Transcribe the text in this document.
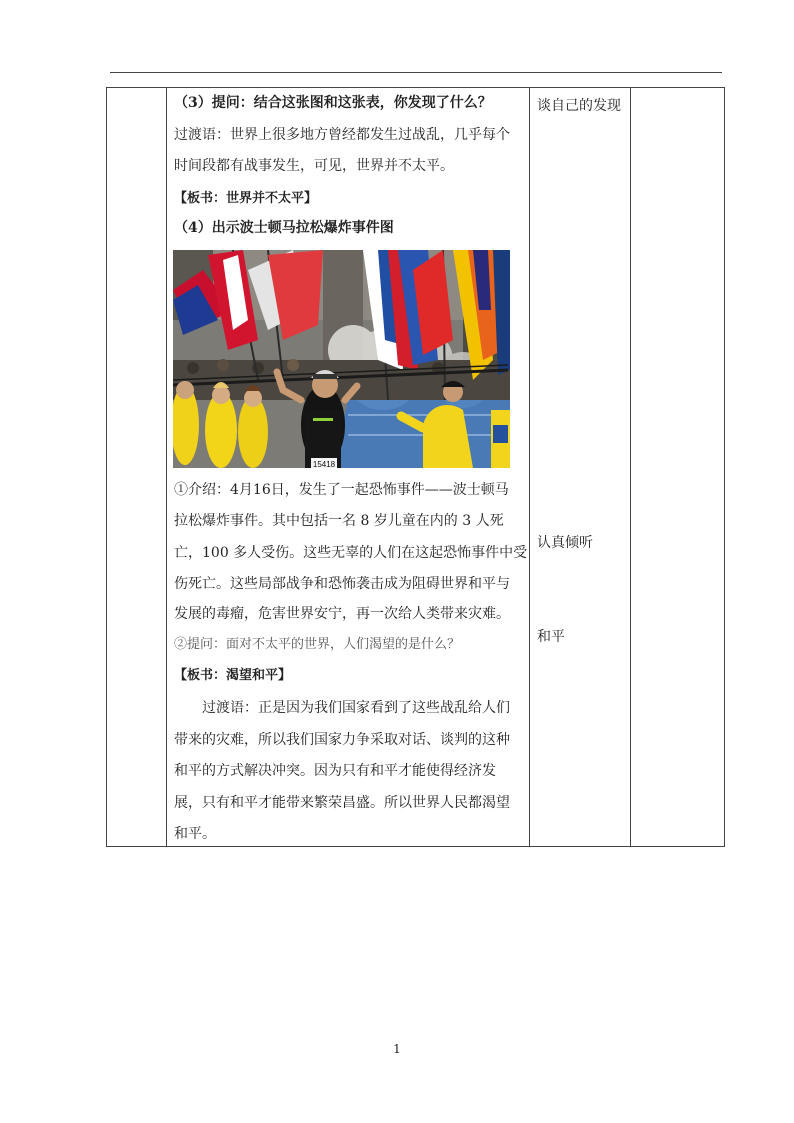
（3）提问：结合这张图和这张表，你发现了什么？
过渡语：世界上很多地方曾经都发生过战乱，几乎每个
时间段都有战事发生，可见，世界并不太平。
【板书：世界并不太平】
（4）出示波士顿马拉松爆炸事件图
15418
①介绍：4月16日，发生了一起恐怖事件——波士顿马
拉松爆炸事件。其中包括一名 8 岁儿童在内的 3 人死
亡，100 多人受伤。这些无辜的人们在这起恐怖事件中受
伤死亡。这些局部战争和恐怖袭击成为阻碍世界和平与
发展的毒瘤，危害世界安宁，再一次给人类带来灾难。
②提问：面对不太平的世界，人们渴望的是什么？
【板书：渴望和平】
过渡语：正是因为我们国家看到了这些战乱给人们
带来的灾难，所以我们国家力争采取对话、谈判的这种
和平的方式解决冲突。因为只有和平才能使得经济发
展，只有和平才能带来繁荣昌盛。所以世界人民都渴望
和平。
谈自己的发现
认真倾听
和平
1
